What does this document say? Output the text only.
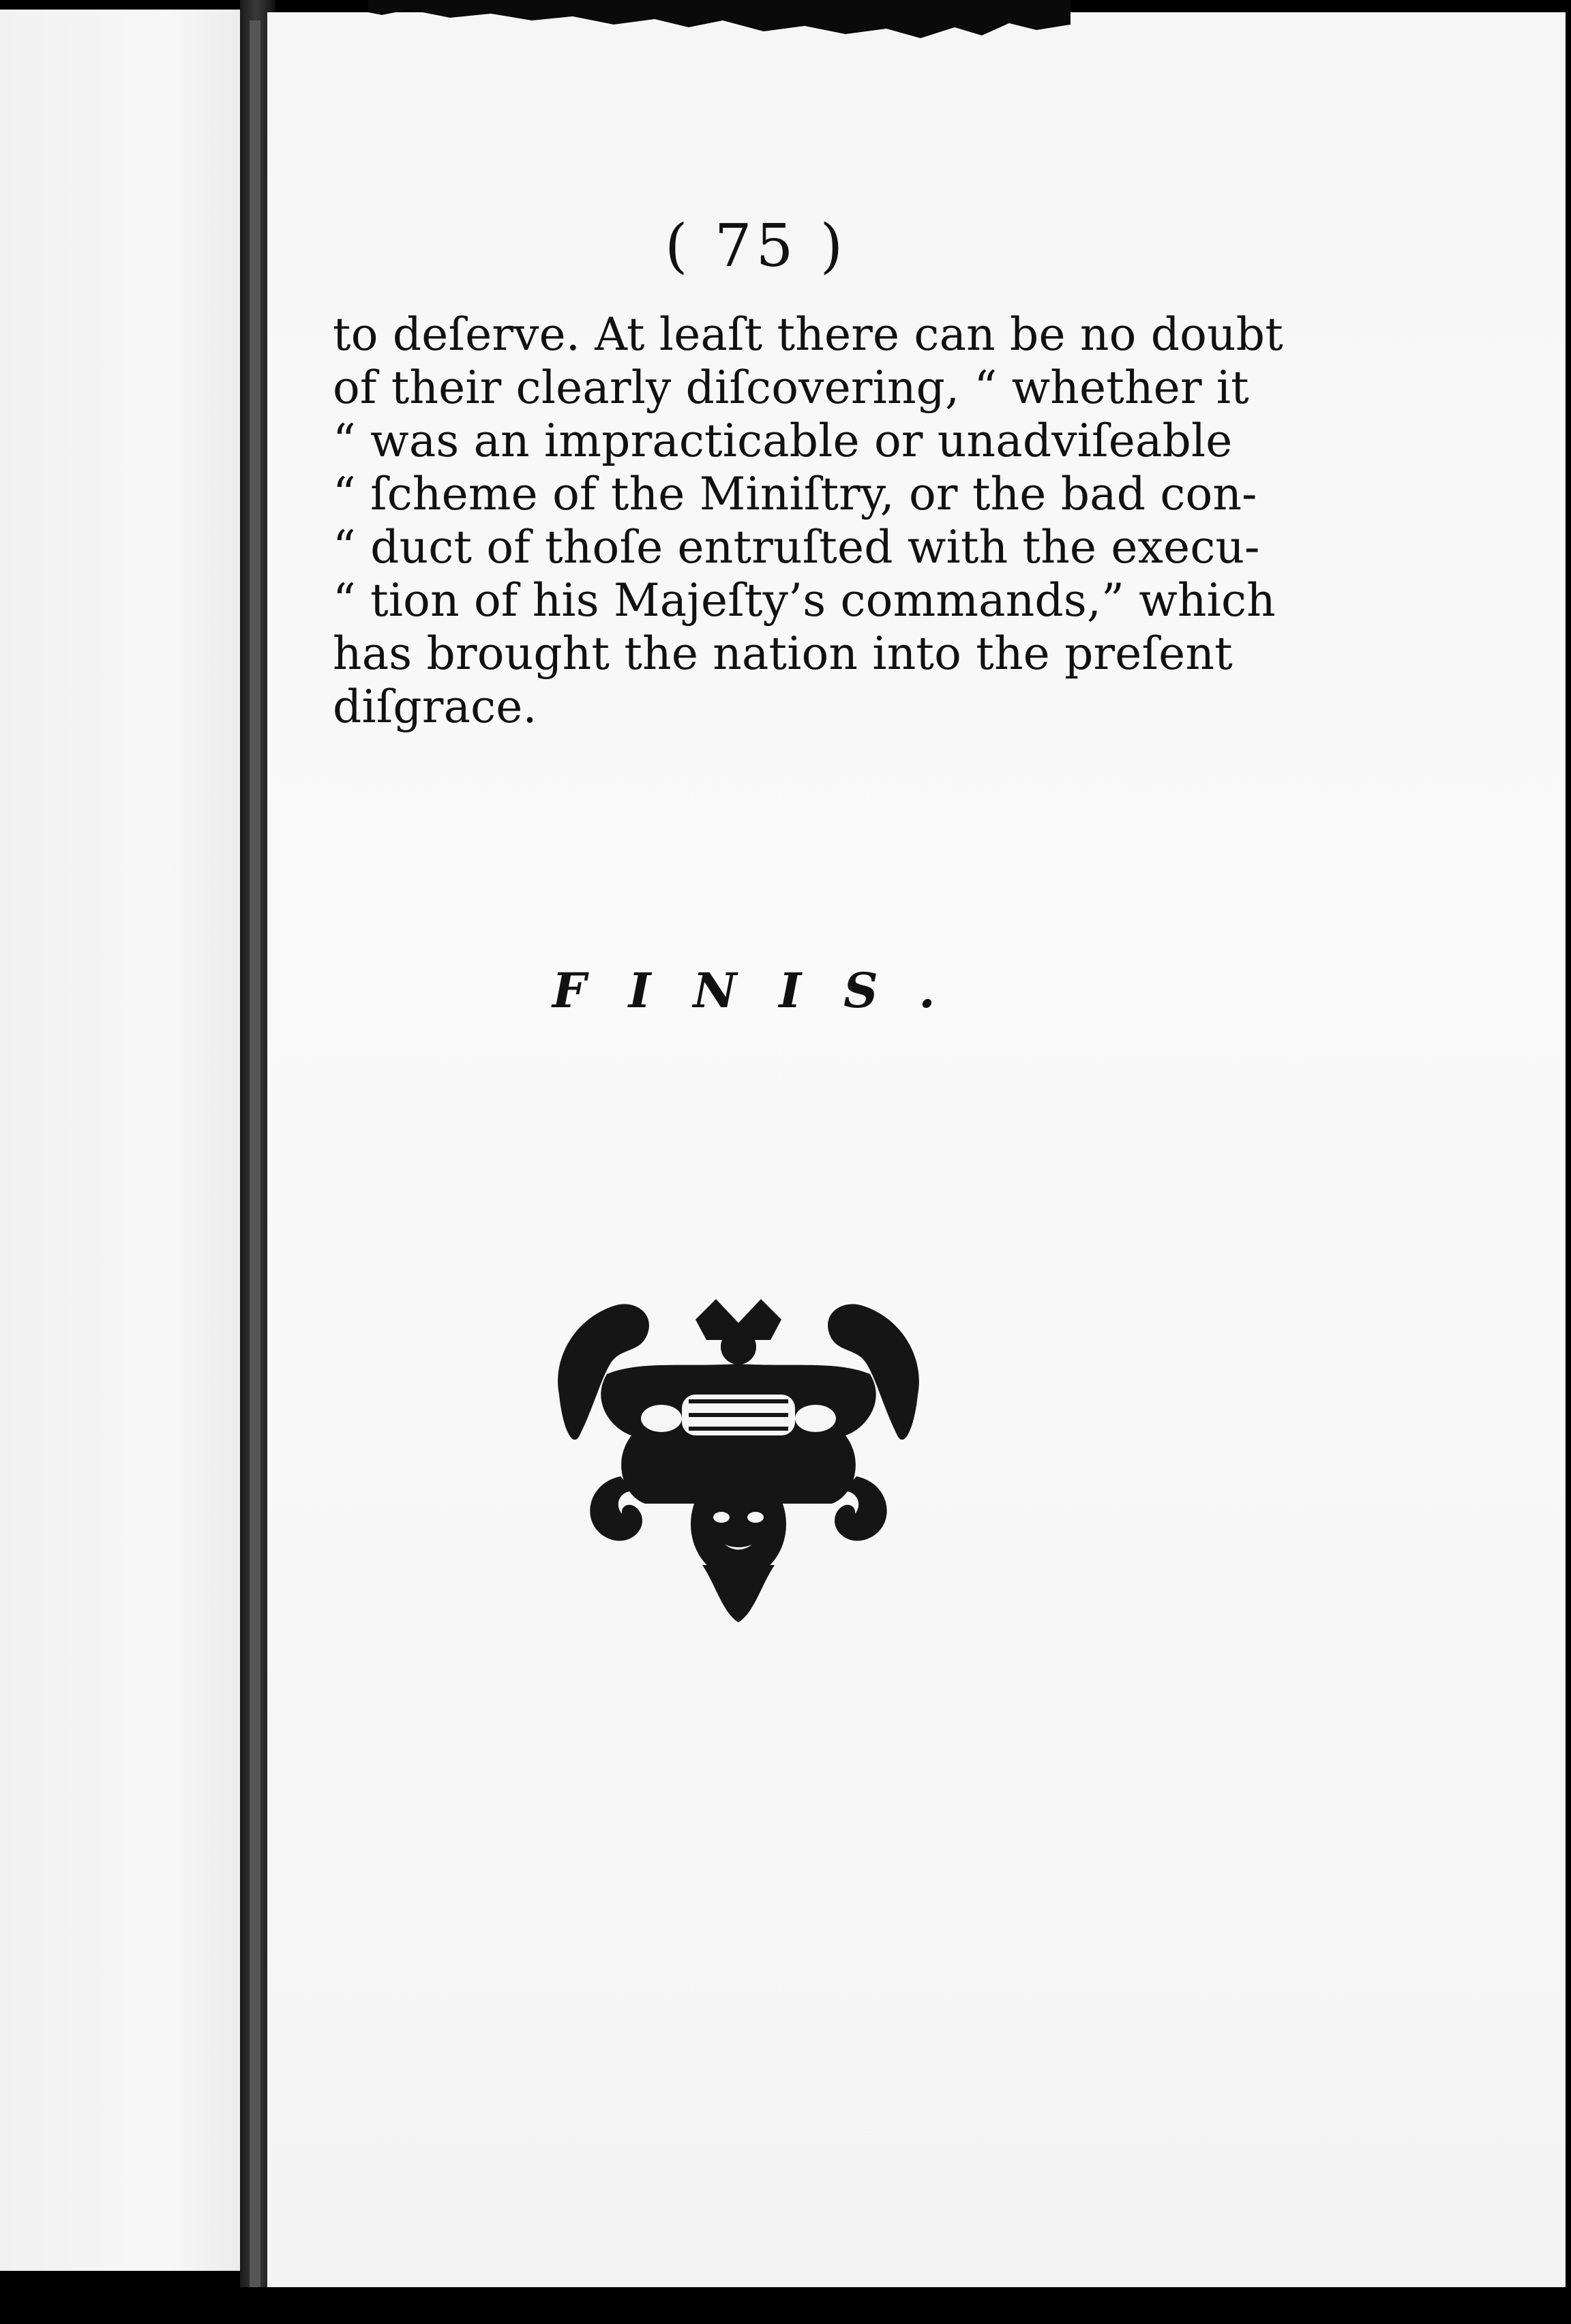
( 75 )
to deſerve. At leaſt there can be no doubt
of their clearly diſcovering, “ whether it
“ was an impracticable or unadviſeable
“ ſcheme of the Miniſtry, or the bad con-
“ duct of thoſe entruſted with the execu-
“ tion of his Majeſty’s commands,” which
has brought the nation into the preſent
diſgrace.
FINIS.
